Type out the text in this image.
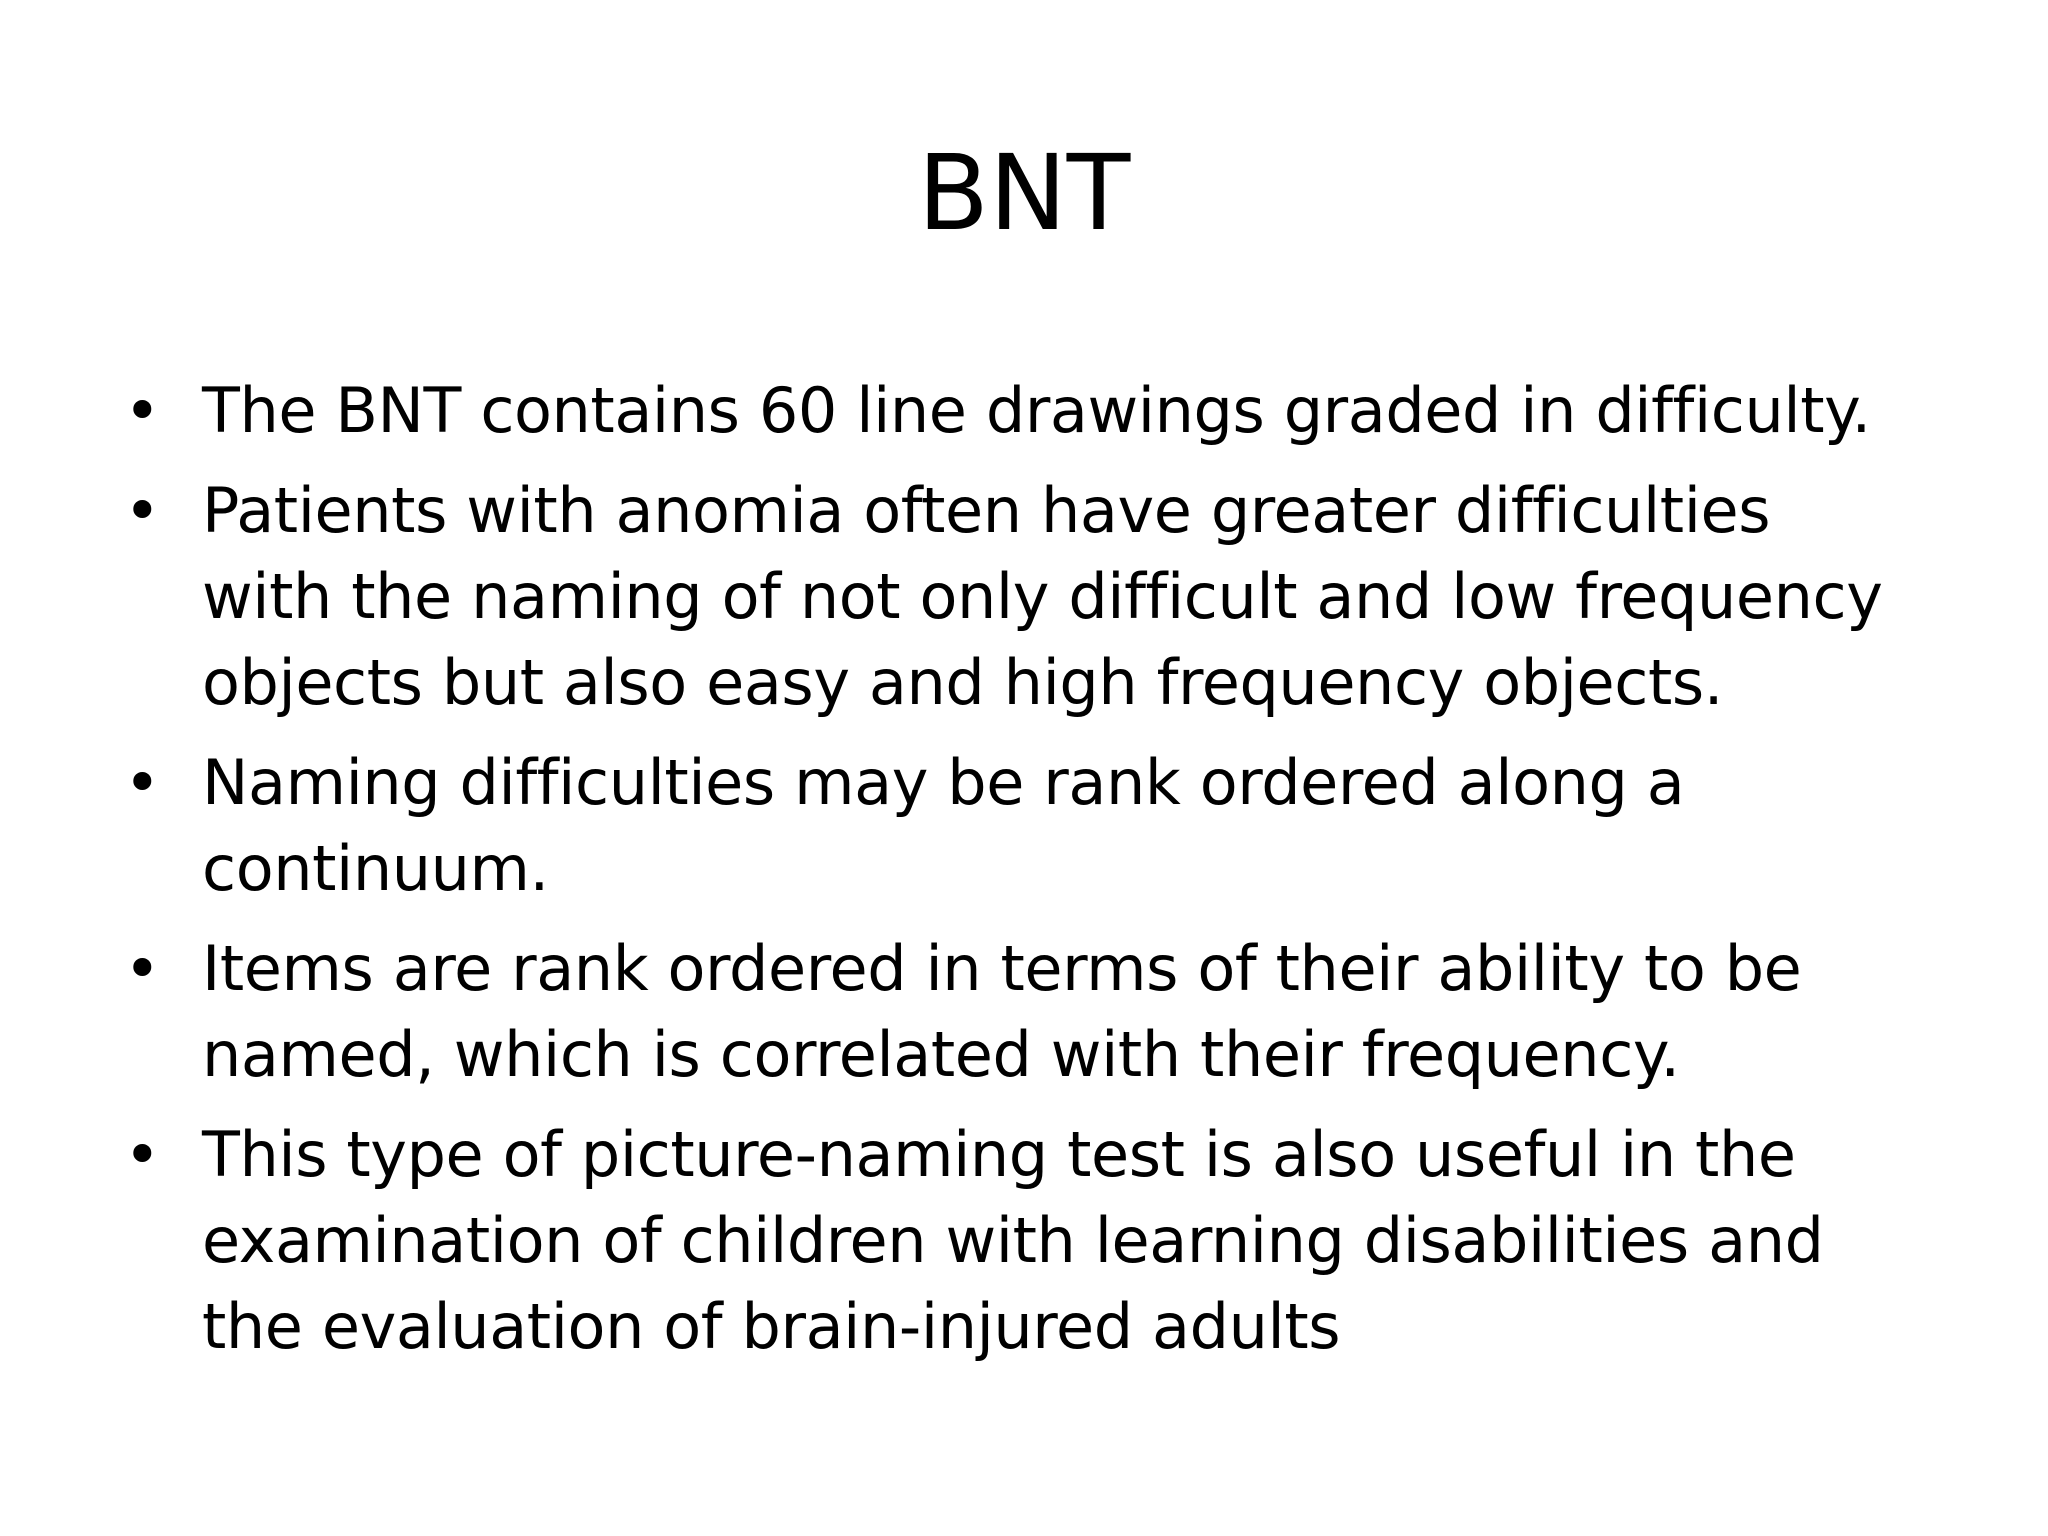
BNT
• The BNT contains 60 line drawings graded in difficulty.
• Patients with anomia often have greater difficulties
with the naming of not only difficult and low frequency
objects but also easy and high frequency objects.
• Naming difficulties may be rank ordered along a
continuum.
• Items are rank ordered in terms of their ability to be
named, which is correlated with their frequency.
• This type of picture-naming test is also useful in the
examination of children with learning disabilities and
the evaluation of brain-injured adults
